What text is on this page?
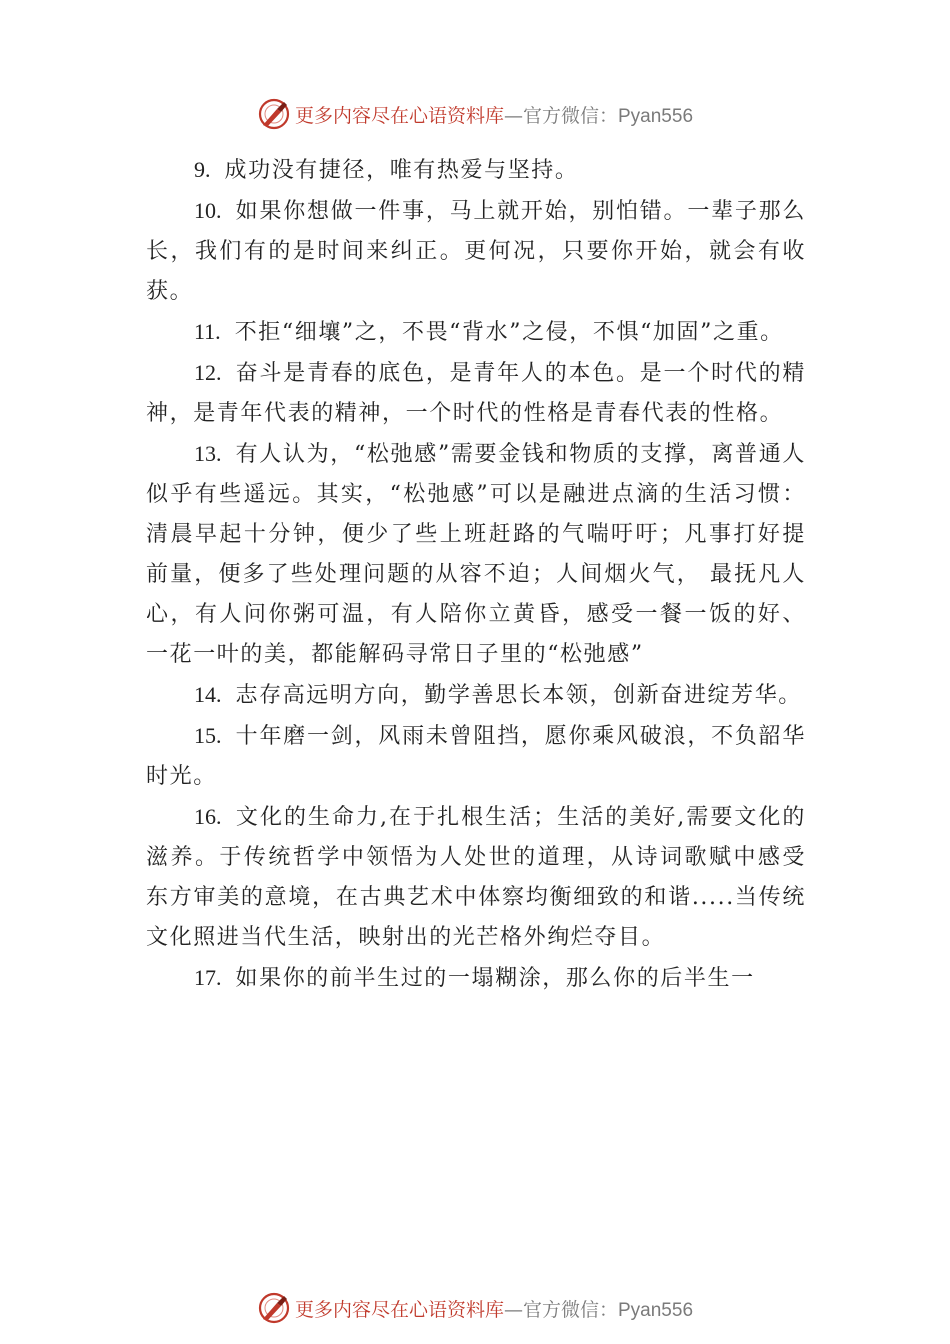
更多内容尽在心语资料库—官方微信：Pyan556

9. 成功没有捷径，唯有热爱与坚持。

10. 如果你想做一件事，马上就开始，别怕错。一辈子那么长，我们有的是时间来纠正。更何况，只要你开始，就会有收获。

11. 不拒“细壤”之，不畏“背水”之侵，不惧“加固”之重。

12. 奋斗是青春的底色，是青年人的本色。是一个时代的精神，是青年代表的精神，一个时代的性格是青春代表的性格。

13. 有人认为，“松弛感”需要金钱和物质的支撑，离普通人似乎有些遥远。其实，“松弛感”可以是融进点滴的生活习惯：清晨早起十分钟，便少了些上班赶路的气喘吁吁；凡事打好提前量，便多了些处理问题的从容不迫；人间烟火气， 最抚凡人心，有人问你粥可温，有人陪你立黄昏，感受一餐一饭的好、一花一叶的美，都能解码寻常日子里的“松弛感”

14. 志存高远明方向，勤学善思长本领，创新奋进绽芳华。

15. 十年磨一剑，风雨未曾阻挡，愿你乘风破浪，不负韶华时光。

16. 文化的生命力,在于扎根生活；生活的美好,需要文化的滋养。于传统哲学中领悟为人处世的道理，从诗词歌赋中感受东方审美的意境，在古典艺术中体察均衡细致的和谐.....当传统文化照进当代生活，映射出的光芒格外绚烂夺目。

17. 如果你的前半生过的一塌糊涂，那么你的后半生一

更多内容尽在心语资料库—官方微信：Pyan556
